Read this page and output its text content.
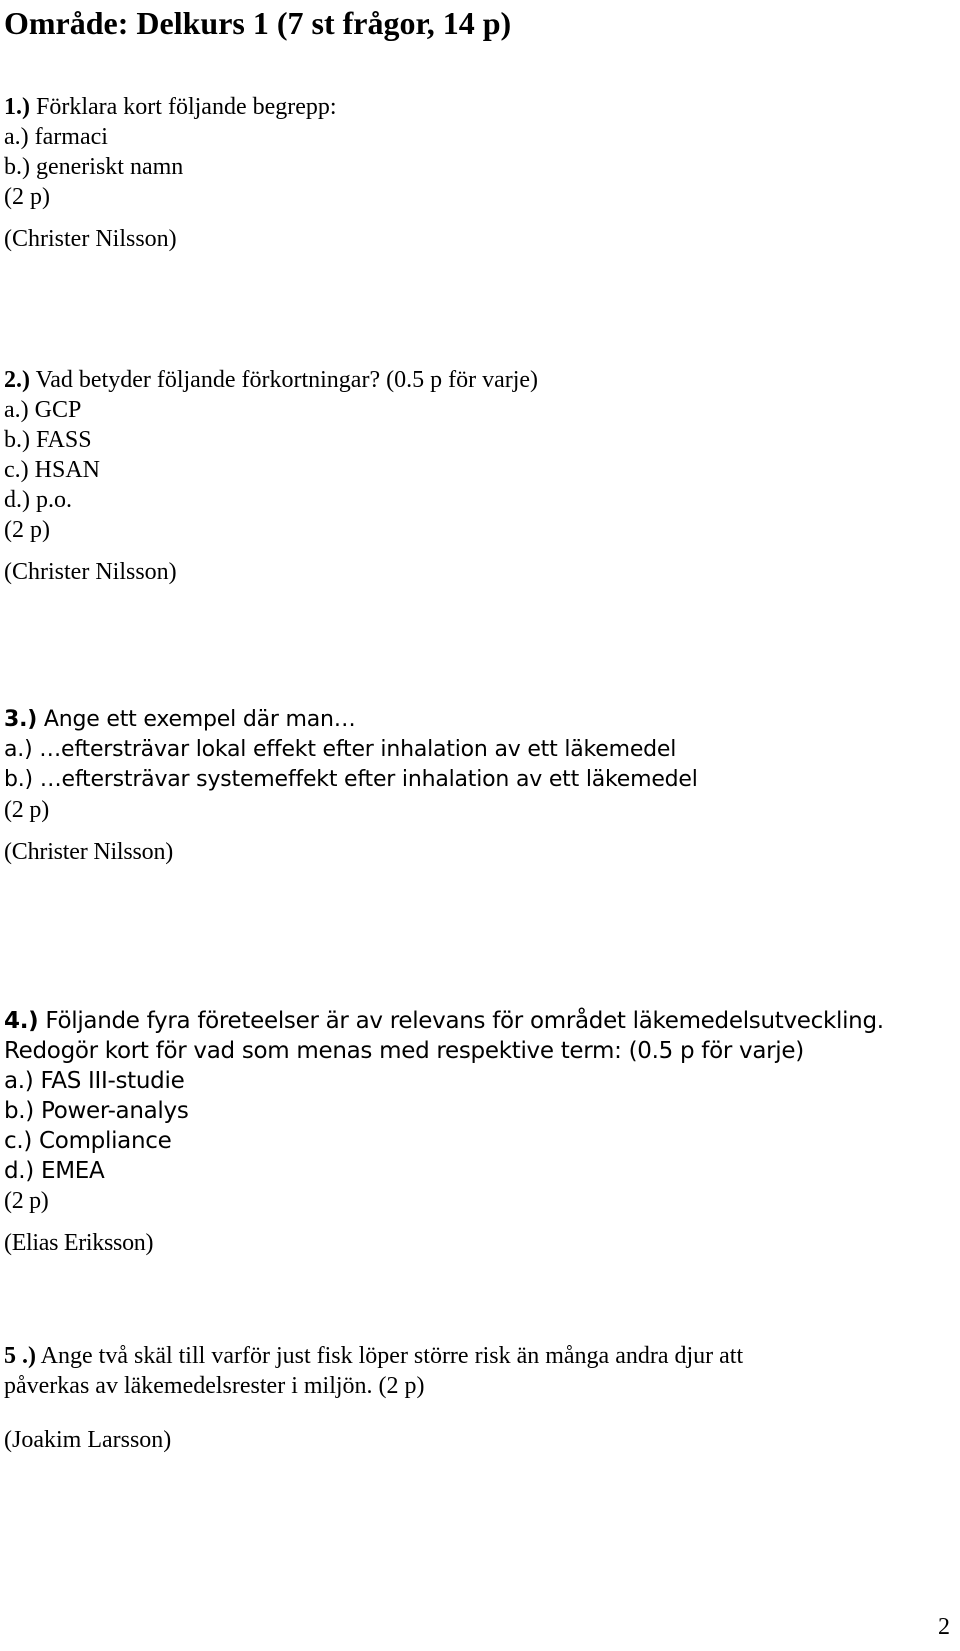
Område: Delkurs 1 (7 st frågor, 14 p)
1.) Förklara kort följande begrepp:
a.) farmaci
b.) generiskt namn
(2 p)
(Christer Nilsson)
2.) Vad betyder följande förkortningar? (0.5 p för varje)
a.) GCP
b.) FASS
c.) HSAN
d.) p.o.
(2 p)
(Christer Nilsson)
3.) Ange ett exempel där man…
a.) …eftersträvar lokal effekt efter inhalation av ett läkemedel
b.) …eftersträvar systemeffekt efter inhalation av ett läkemedel
(2 p)
(Christer Nilsson)
4.) Följande fyra företeelser är av relevans för området läkemedelsutveckling.
Redogör kort för vad som menas med respektive term: (0.5 p för varje)
a.) FAS III-studie
b.) Power-analys
c.) Compliance
d.) EMEA
(2 p)
(Elias Eriksson)
5 .) Ange två skäl till varför just fisk löper större risk än många andra djur att
påverkas av läkemedelsrester i miljön. (2 p)
(Joakim Larsson)
2
